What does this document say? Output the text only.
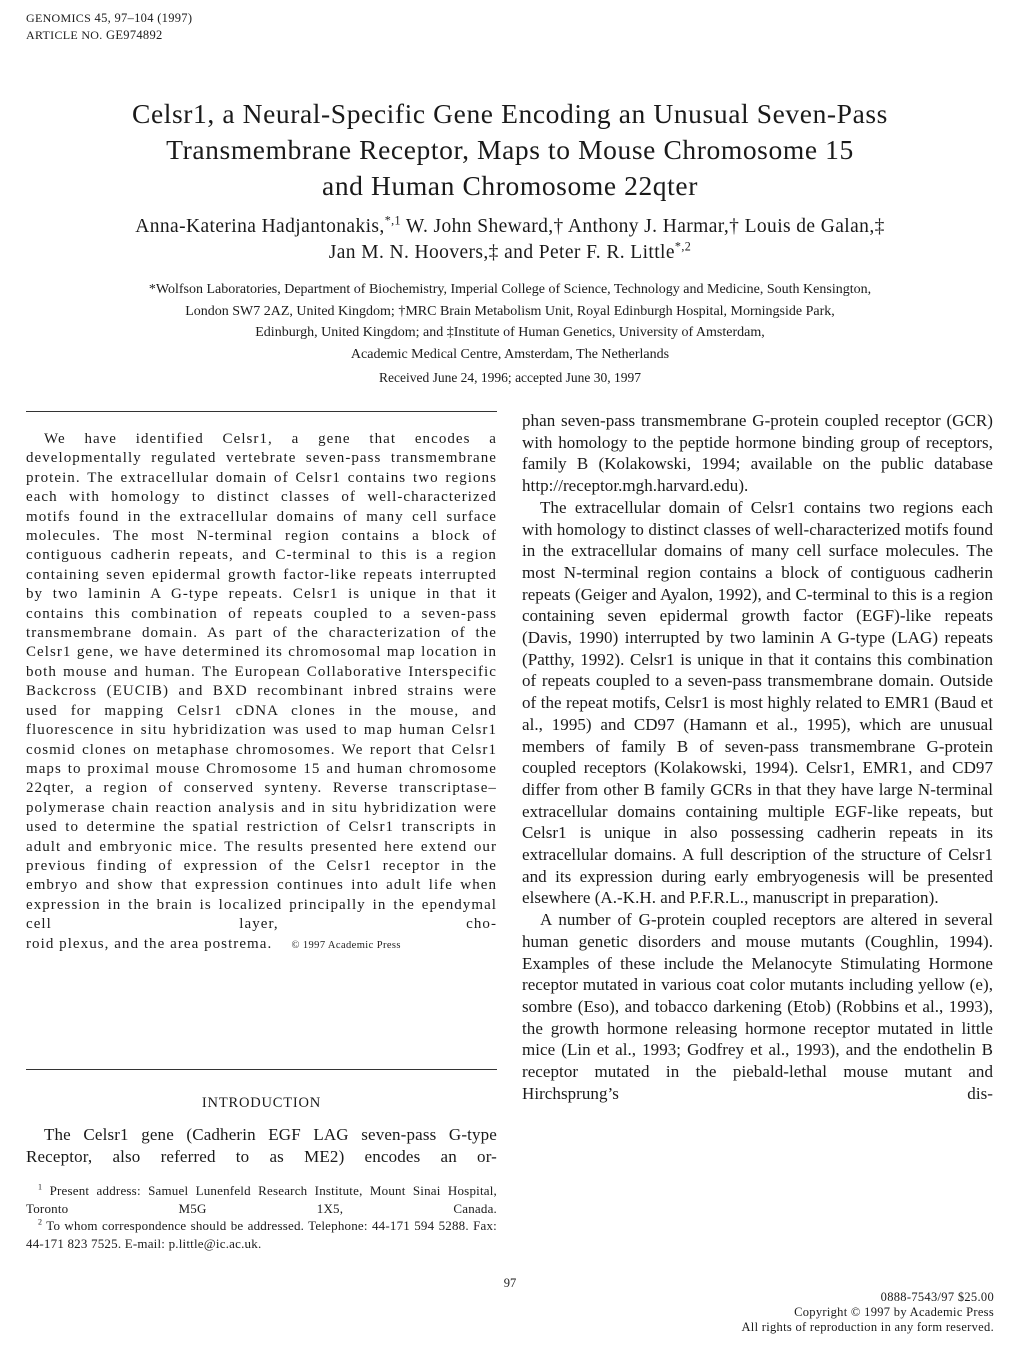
GENOMICS 45, 97–104 (1997)
ARTICLE NO. GE974892
Celsr1, a Neural-Specific Gene Encoding an Unusual Seven-Pass
Transmembrane Receptor, Maps to Mouse Chromosome 15
and Human Chromosome 22qter
Anna-Katerina Hadjantonakis,$^{*,1}$ W. John Sheward,† Anthony J. Harmar,† Louis de Galan,‡
Jan M. N. Hoovers,‡ and Peter F. R. Little$^{*,2}$
*Wolfson Laboratories, Department of Biochemistry, Imperial College of Science, Technology and Medicine, South Kensington,
London SW7 2AZ, United Kingdom; †MRC Brain Metabolism Unit, Royal Edinburgh Hospital, Morningside Park,
Edinburgh, United Kingdom; and ‡Institute of Human Genetics, University of Amsterdam,
Academic Medical Centre, Amsterdam, The Netherlands
Received June 24, 1996; accepted June 30, 1997
We have identified Celsr1, a gene that encodes a developmentally regulated vertebrate seven-pass transmembrane protein. The extracellular domain of Celsr1 contains two regions each with homology to distinct classes of well-characterized motifs found in the extracellular domains of many cell surface molecules. The most N-terminal region contains a block of contiguous cadherin repeats, and C-terminal to this is a region containing seven epidermal growth factor-like repeats interrupted by two laminin A G-type repeats. Celsr1 is unique in that it contains this combination of repeats coupled to a seven-pass transmembrane domain. As part of the characterization of the Celsr1 gene, we have determined its chromosomal map location in both mouse and human. The European Collaborative Interspecific Backcross (EUCIB) and BXD recombinant inbred strains were used for mapping Celsr1 cDNA clones in the mouse, and fluorescence in situ hybridization was used to map human Celsr1 cosmid clones on metaphase chromosomes. We report that Celsr1 maps to proximal mouse Chromosome 15 and human chromosome 22qter, a region of conserved synteny. Reverse transcriptase–polymerase chain reaction analysis and in situ hybridization were used to determine the spatial restriction of Celsr1 transcripts in adult and embryonic mice. The results presented here extend our previous finding of expression of the Celsr1 receptor in the embryo and show that expression continues into adult life when expression in the brain is localized principally in the ependymal cell layer, cho-
roid plexus, and the area postrema. © 1997 Academic Press
INTRODUCTION
The Celsr1 gene (Cadherin EGF LAG seven-pass G-type Receptor, also referred to as ME2) encodes an or-
$^1$ Present address: Samuel Lunenfeld Research Institute, Mount Sinai Hospital, Toronto M5G 1X5, Canada.
$^2$ To whom correspondence should be addressed. Telephone: 44-171 594 5288. Fax: 44-171 823 7525. E-mail: p.little@ic.ac.uk.
phan seven-pass transmembrane G-protein coupled receptor (GCR) with homology to the peptide hormone binding group of receptors, family B (Kolakowski, 1994; available on the public database http://receptor.mgh.harvard.edu).
The extracellular domain of Celsr1 contains two regions each with homology to distinct classes of well-characterized motifs found in the extracellular domains of many cell surface molecules. The most N-terminal region contains a block of contiguous cadherin repeats (Geiger and Ayalon, 1992), and C-terminal to this is a region containing seven epidermal growth factor (EGF)-like repeats (Davis, 1990) interrupted by two laminin A G-type (LAG) repeats (Patthy, 1992). Celsr1 is unique in that it contains this combination of repeats coupled to a seven-pass transmembrane domain. Outside of the repeat motifs, Celsr1 is most highly related to EMR1 (Baud et al., 1995) and CD97 (Hamann et al., 1995), which are unusual members of family B of seven-pass transmembrane G-protein coupled receptors (Kolakowski, 1994). Celsr1, EMR1, and CD97 differ from other B family GCRs in that they have large N-terminal extracellular domains containing multiple EGF-like repeats, but Celsr1 is unique in also possessing cadherin repeats in its extracellular domains. A full description of the structure of Celsr1 and its expression during early embryogenesis will be presented elsewhere (A.-K.H. and P.F.R.L., manuscript in preparation).
A number of G-protein coupled receptors are altered in several human genetic disorders and mouse mutants (Coughlin, 1994). Examples of these include the Melanocyte Stimulating Hormone receptor mutated in various coat color mutants including yellow (e), sombre (Eso), and tobacco darkening (Etob) (Robbins et al., 1993), the growth hormone releasing hormone receptor mutated in little mice (Lin et al., 1993; Godfrey et al., 1993), and the endothelin B receptor mutated in the piebald-lethal mouse mutant and Hirchsprung’s dis-
97
0888-7543/97 $25.00
Copyright © 1997 by Academic Press
All rights of reproduction in any form reserved.
